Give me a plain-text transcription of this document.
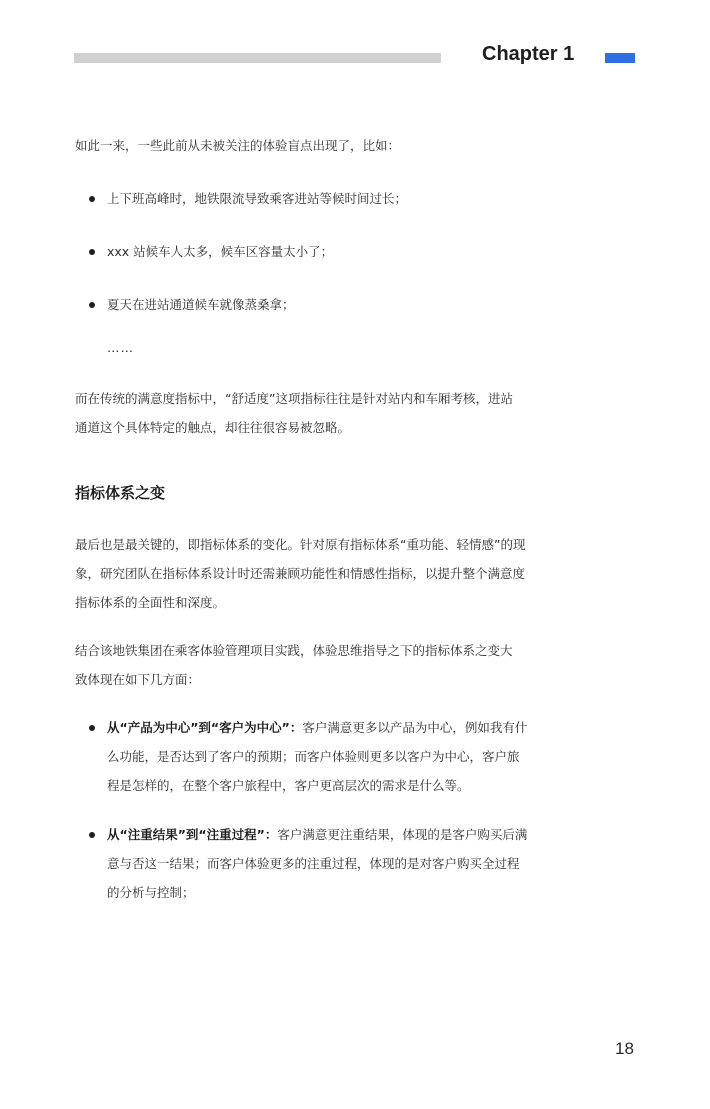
Chapter 1

如此一来，一些此前从未被关注的体验盲点出现了，比如：

上下班高峰时，地铁限流导致乘客进站等候时间过长；
xxx 站候车人太多，候车区容量太小了；
夏天在进站通道候车就像蒸桑拿；
……
而在传统的满意度指标中，“舒适度”这项指标往往是针对站内和车厢考核，进站
通道这个具体特定的触点，却往往很容易被忽略。
指标体系之变
最后也是最关键的，即指标体系的变化。针对原有指标体系“重功能、轻情感”的现
象，研究团队在指标体系设计时还需兼顾功能性和情感性指标，以提升整个满意度
指标体系的全面性和深度。
结合该地铁集团在乘客体验管理项目实践，体验思维指导之下的指标体系之变大
致体现在如下几方面：
从“产品为中心”到“客户为中心”：客户满意更多以产品为中心，例如我有什
么功能，是否达到了客户的预期；而客户体验则更多以客户为中心，客户旅
程是怎样的，在整个客户旅程中，客户更高层次的需求是什么等。
从“注重结果”到“注重过程”：客户满意更注重结果，体现的是客户购买后满
意与否这一结果；而客户体验更多的注重过程，体现的是对客户购买全过程
的分析与控制；
18
